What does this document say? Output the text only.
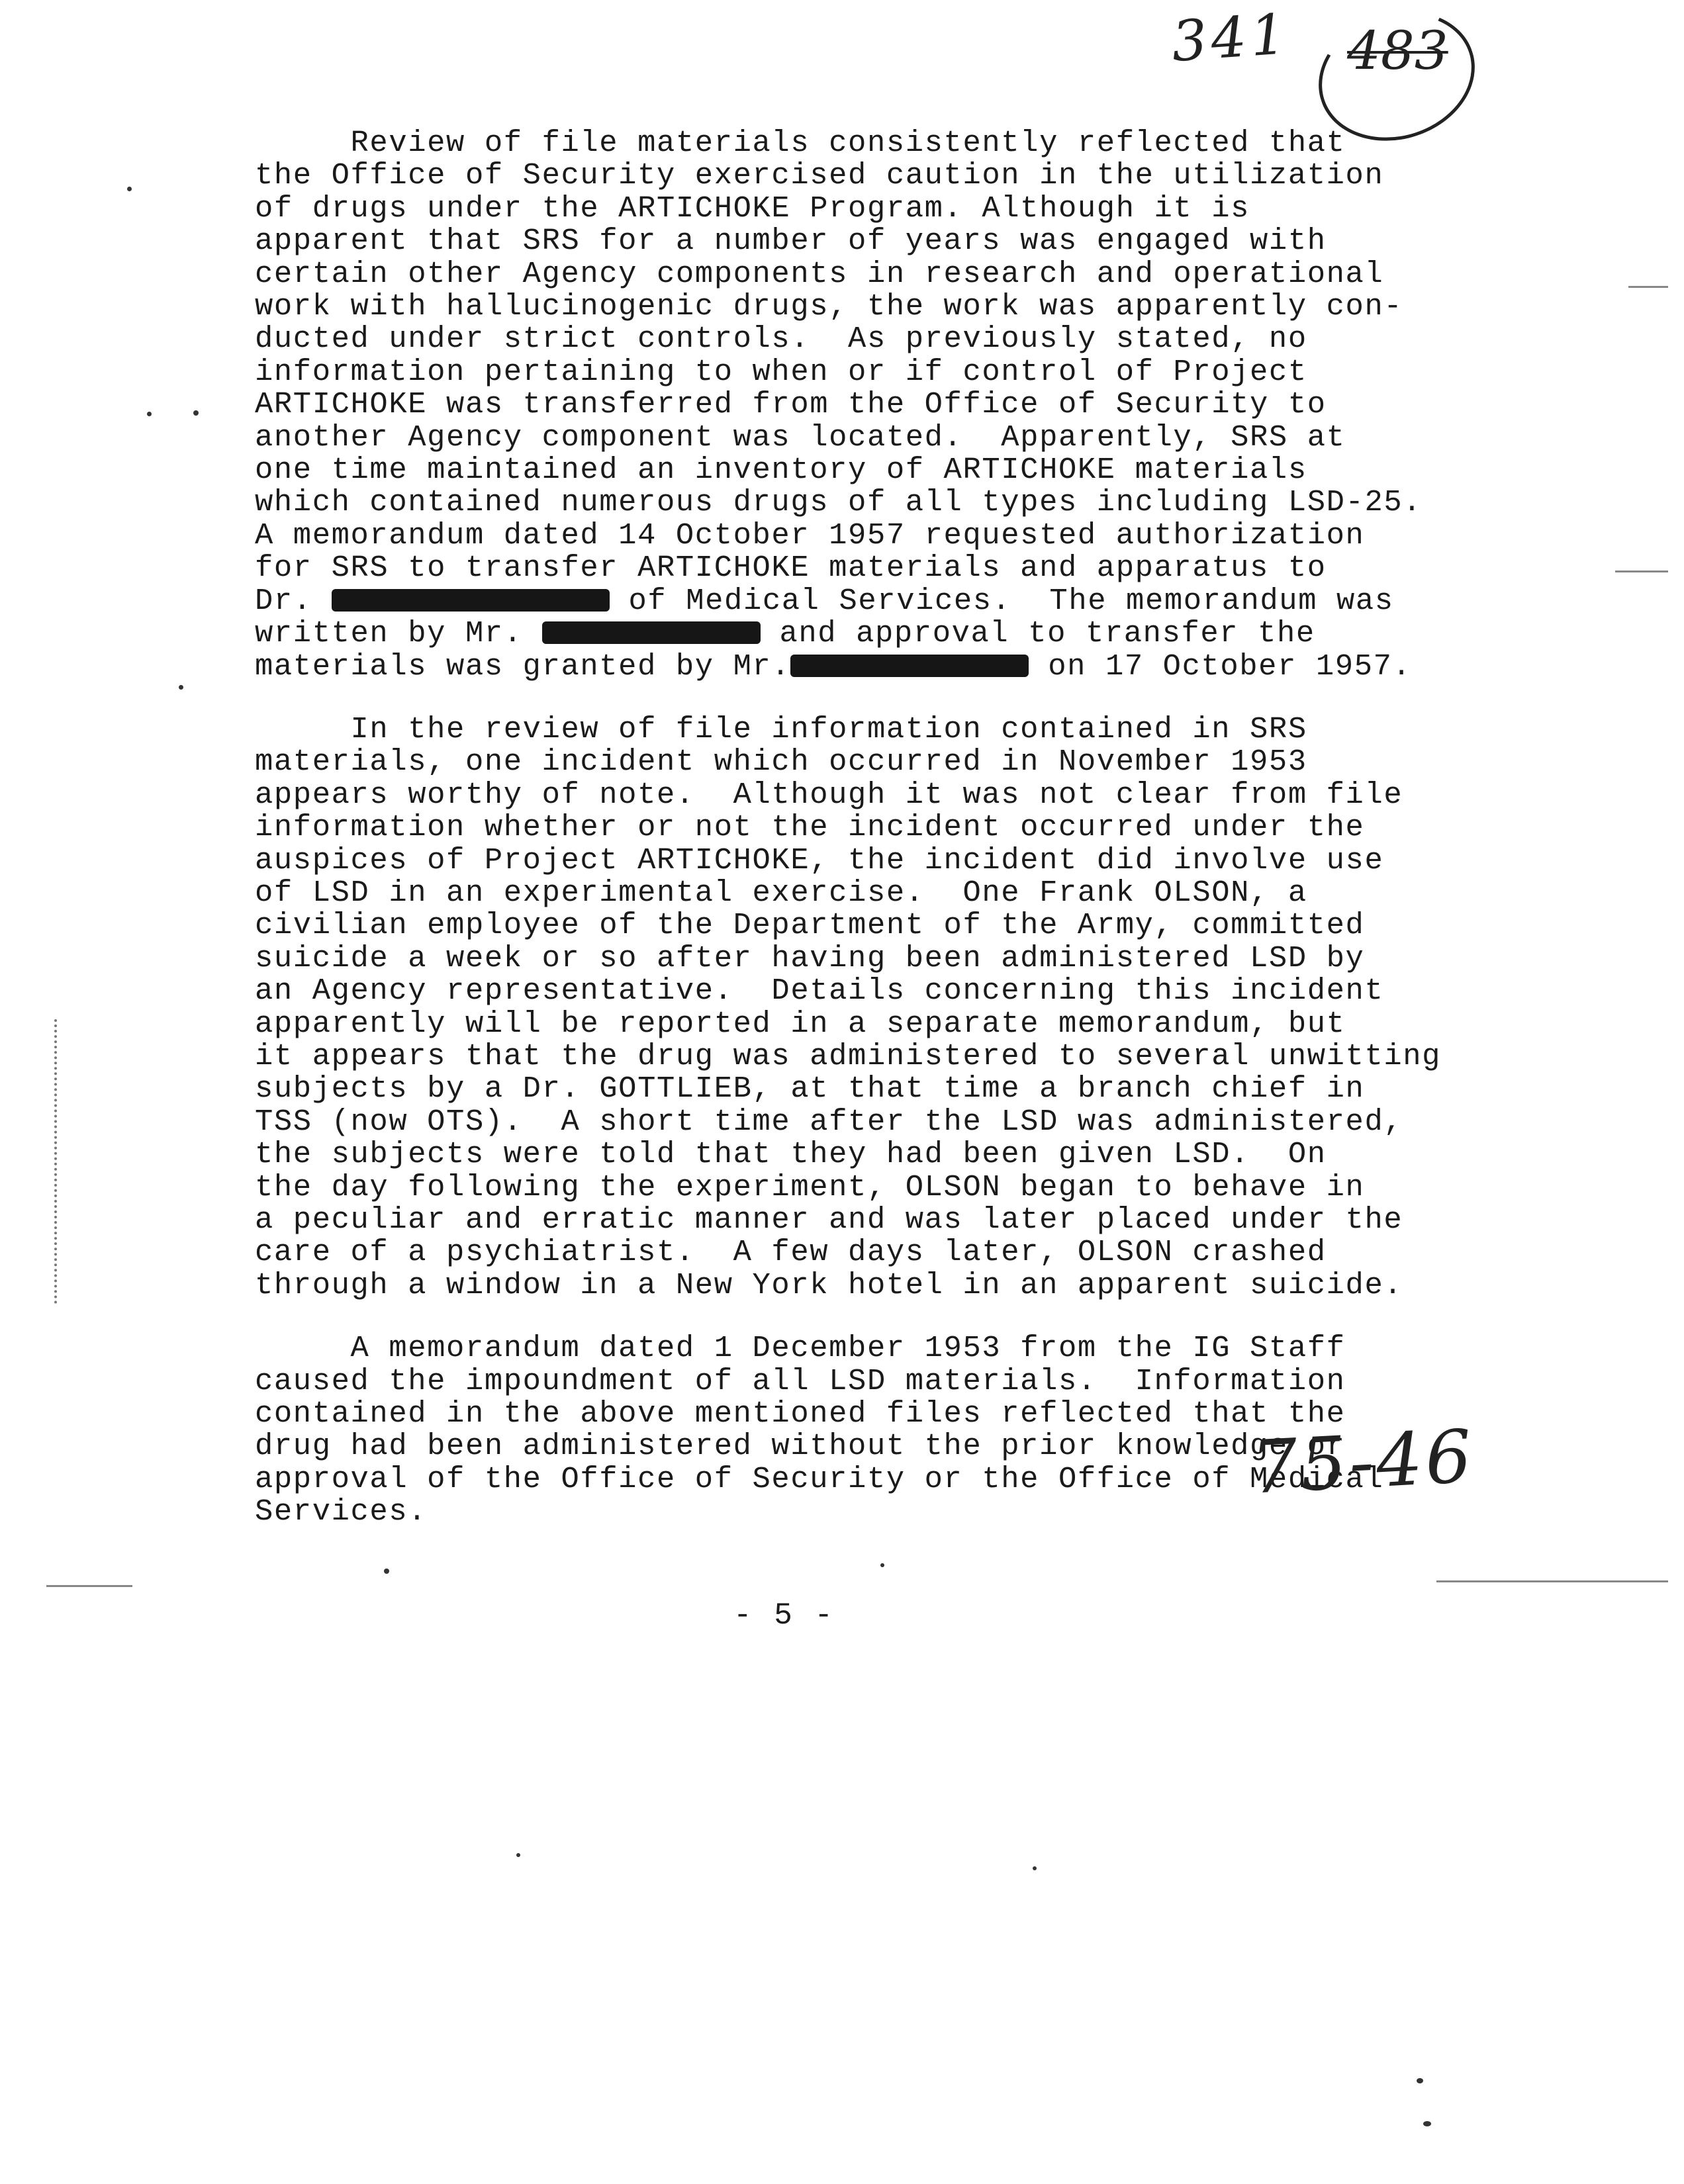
341 483
Review of file materials consistently reflected that
the Office of Security exercised caution in the utilization
of drugs under the ARTICHOKE Program. Although it is
apparent that SRS for a number of years was engaged with
certain other Agency components in research and operational
work with hallucinogenic drugs, the work was apparently con-
ducted under strict controls.  As previously stated, no
information pertaining to when or if control of Project
ARTICHOKE was transferred from the Office of Security to
another Agency component was located.  Apparently, SRS at
one time maintained an inventory of ARTICHOKE materials
which contained numerous drugs of all types including LSD-25.
A memorandum dated 14 October 1957 requested authorization
for SRS to transfer ARTICHOKE materials and apparatus to
Dr.	of Medical Services.  The memorandum was
written by Mr.	and approval to transfer the
materials was granted by Mr.	on 17 October 1957.
In the review of file information contained in SRS
materials, one incident which occurred in November 1953
appears worthy of note.  Although it was not clear from file
information whether or not the incident occurred under the
auspices of Project ARTICHOKE, the incident did involve use
of LSD in an experimental exercise.  One Frank OLSON, a
civilian employee of the Department of the Army, committed
suicide a week or so after having been administered LSD by
an Agency representative.  Details concerning this incident
apparently will be reported in a separate memorandum, but
it appears that the drug was administered to several unwitting
subjects by a Dr. GOTTLIEB, at that time a branch chief in
TSS (now OTS).  A short time after the LSD was administered,
the subjects were told that they had been given LSD.  On
the day following the experiment, OLSON began to behave in
a peculiar and erratic manner and was later placed under the
care of a psychiatrist.  A few days later, OLSON crashed
through a window in a New York hotel in an apparent suicide.
A memorandum dated 1 December 1953 from the IG Staff
caused the impoundment of all LSD materials.  Information
contained in the above mentioned files reflected that the
drug had been administered without the prior knowledge or
approval of the Office of Security or the Office of Medical
Services.
- 5 -
75-46
